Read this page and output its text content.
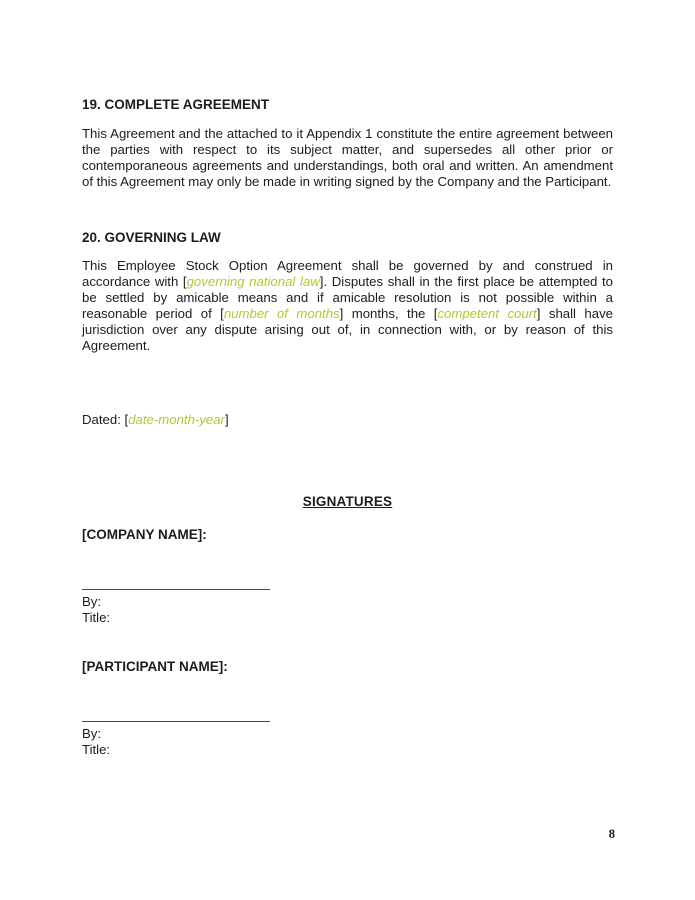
19. COMPLETE AGREEMENT
This Agreement and the attached to it Appendix 1 constitute the entire agreement between the parties with respect to its subject matter, and supersedes all other prior or contemporaneous agreements and understandings, both oral and written. An amendment of this Agreement may only be made in writing signed by the Company and the Participant.
20. GOVERNING LAW
This Employee Stock Option Agreement shall be governed by and construed in accordance with [governing national law]. Disputes shall in the first place be attempted to be settled by amicable means and if amicable resolution is not possible within a reasonable period of [number of months] months, the [competent court] shall have jurisdiction over any dispute arising out of, in connection with, or by reason of this Agreement.
Dated: [date-month-year]
SIGNATURES
[COMPANY NAME]:
By:
Title:
[PARTICIPANT NAME]:
By:
Title:
8
